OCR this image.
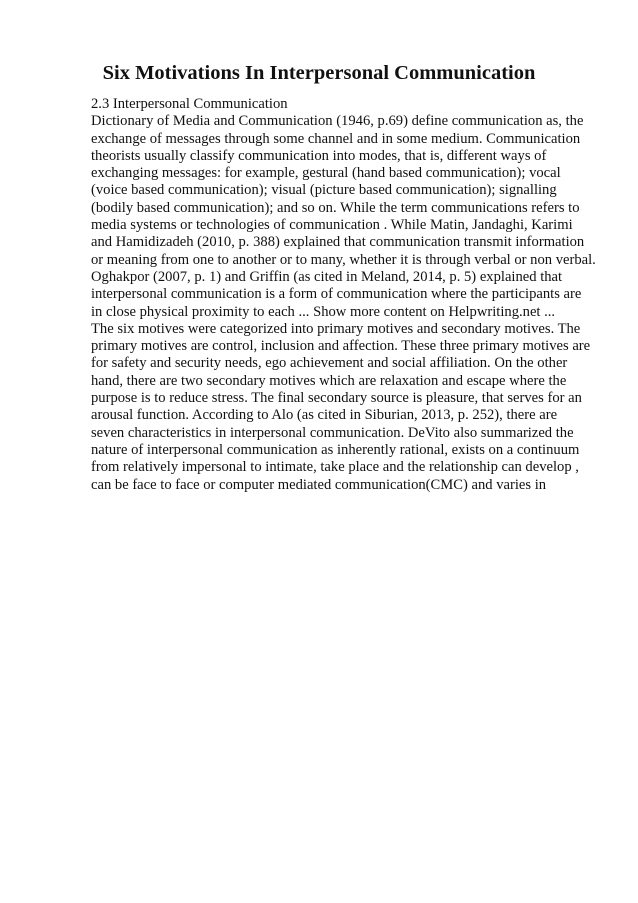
Six Motivations In Interpersonal Communication
2.3 Interpersonal Communication
Dictionary of Media and Communication (1946, p.69) define communication as, the
exchange of messages through some channel and in some medium. Communication
theorists usually classify communication into modes, that is, different ways of
exchanging messages: for example, gestural (hand based communication); vocal
(voice based communication); visual (picture based communication); signalling
(bodily based communication); and so on. While the term communications refers to
media systems or technologies of communication . While Matin, Jandaghi, Karimi
and Hamidizadeh (2010, p. 388) explained that communication transmit information
or meaning from one to another or to many, whether it is through verbal or non verbal.
Oghakpor (2007, p. 1) and Griffin (as cited in Meland, 2014, p. 5) explained that
interpersonal communication is a form of communication where the participants are
in close physical proximity to each ... Show more content on Helpwriting.net ...
The six motives were categorized into primary motives and secondary motives. The
primary motives are control, inclusion and affection. These three primary motives are
for safety and security needs, ego achievement and social affiliation. On the other
hand, there are two secondary motives which are relaxation and escape where the
purpose is to reduce stress. The final secondary source is pleasure, that serves for an
arousal function. According to Alo (as cited in Siburian, 2013, p. 252), there are
seven characteristics in interpersonal communication. DeVito also summarized the
nature of interpersonal communication as inherently rational, exists on a continuum
from relatively impersonal to intimate, take place and the relationship can develop ,
can be face to face or computer mediated communication(CMC) and varies in
